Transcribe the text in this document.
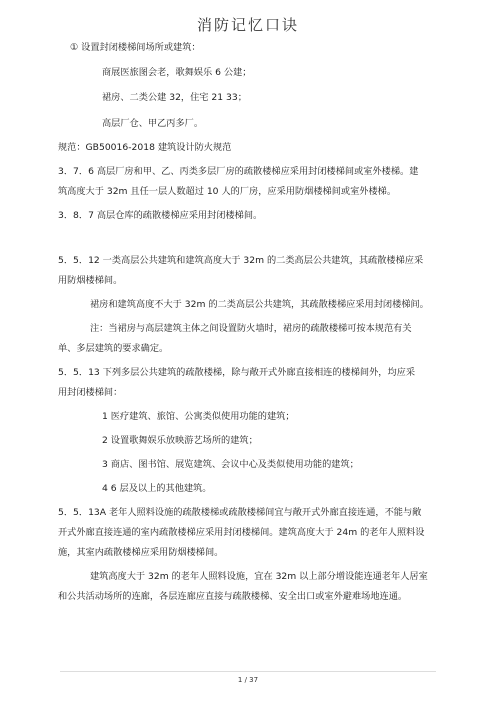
消防记忆口诀
① 设置封闭楼梯间场所或建筑：
商展医旅图会老，歌舞娱乐 6 公建；
裙房、二类公建 32，住宅 21 33；
高层厂仓、甲乙丙多厂。
规范：GB50016-2018 建筑设计防火规范
3．7．6 高层厂房和甲、乙、丙类多层厂房的疏散楼梯应采用封闭楼梯间或室外楼梯。建
筑高度大于 32m 且任一层人数超过 10 人的厂房，应采用防烟楼梯间或室外楼梯。
3．8．7 高层仓库的疏散楼梯应采用封闭楼梯间。
5．5．12 一类高层公共建筑和建筑高度大于 32m 的二类高层公共建筑，其疏散楼梯应采
用防烟楼梯间。
裙房和建筑高度不大于 32m 的二类高层公共建筑，其疏散楼梯应采用封闭楼梯间。
注：当裙房与高层建筑主体之间设置防火墙时，裙房的疏散楼梯可按本规范有关
单、多层建筑的要求确定。
5．5．13 下列多层公共建筑的疏散楼梯，除与敞开式外廊直接相连的楼梯间外，均应采
用封闭楼梯间：
1 医疗建筑、旅馆、公寓类似使用功能的建筑；
2 设置歌舞娱乐放映游艺场所的建筑；
3 商店、图书馆、展览建筑、会议中心及类似使用功能的建筑；
4 6 层及以上的其他建筑。
5．5．13A 老年人照料设施的疏散楼梯或疏散楼梯间宜与敞开式外廊直接连通，不能与敞
开式外廊直接连通的室内疏散楼梯应采用封闭楼梯间。建筑高度大于 24m 的老年人照料设
施，其室内疏散楼梯应采用防烟楼梯间。
建筑高度大于 32m 的老年人照料设施，宜在 32m 以上部分增设能连通老年人居室
和公共活动场所的连廊，各层连廊应直接与疏散楼梯、安全出口或室外避难场地连通。
1 / 37
